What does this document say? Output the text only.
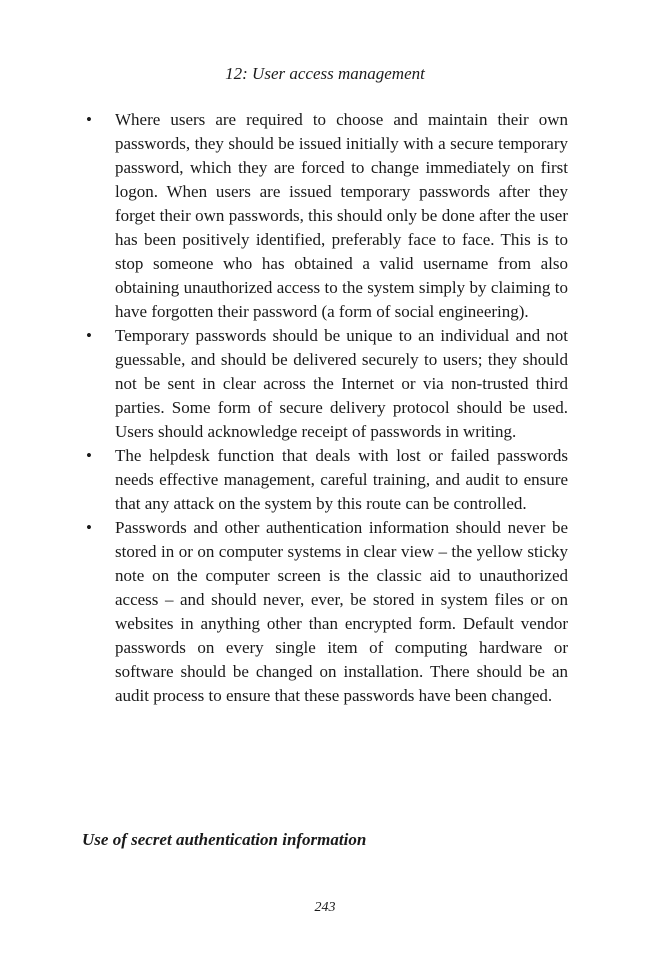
12: User access management
• Where users are required to choose and maintain their own passwords, they should be issued initially with a secure temporary password, which they are forced to change immediately on first logon. When users are issued temporary passwords after they forget their own passwords, this should only be done after the user has been positively identified, preferably face to face. This is to stop someone who has obtained a valid username from also obtaining unauthorized access to the system simply by claiming to have forgotten their password (a form of social engineering).
• Temporary passwords should be unique to an individual and not guessable, and should be delivered securely to users; they should not be sent in clear across the Internet or via non-trusted third parties. Some form of secure delivery protocol should be used. Users should acknowledge receipt of passwords in writing.
• The helpdesk function that deals with lost or failed passwords needs effective management, careful training, and audit to ensure that any attack on the system by this route can be controlled.
• Passwords and other authentication information should never be stored in or on computer systems in clear view – the yellow sticky note on the computer screen is the classic aid to unauthorized access – and should never, ever, be stored in system files or on websites in anything other than encrypted form. Default vendor passwords on every single item of computing hardware or software should be changed on installation. There should be an audit process to ensure that these passwords have been changed.
Use of secret authentication information
243
